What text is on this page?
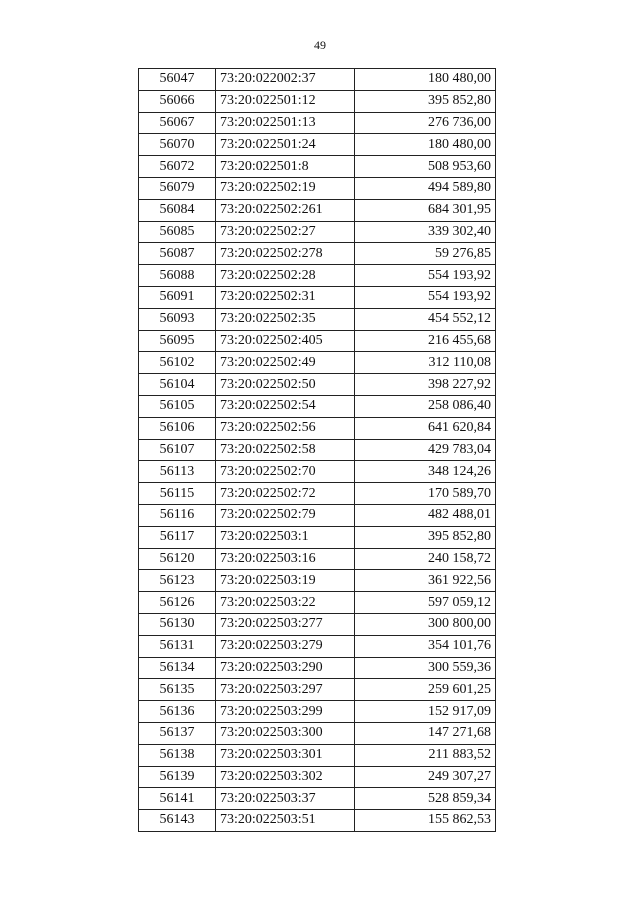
49
56047	73:20:022002:37	180 480,00
56066	73:20:022501:12	395 852,80
56067	73:20:022501:13	276 736,00
56070	73:20:022501:24	180 480,00
56072	73:20:022501:8	508 953,60
56079	73:20:022502:19	494 589,80
56084	73:20:022502:261	684 301,95
56085	73:20:022502:27	339 302,40
56087	73:20:022502:278	59 276,85
56088	73:20:022502:28	554 193,92
56091	73:20:022502:31	554 193,92
56093	73:20:022502:35	454 552,12
56095	73:20:022502:405	216 455,68
56102	73:20:022502:49	312 110,08
56104	73:20:022502:50	398 227,92
56105	73:20:022502:54	258 086,40
56106	73:20:022502:56	641 620,84
56107	73:20:022502:58	429 783,04
56113	73:20:022502:70	348 124,26
56115	73:20:022502:72	170 589,70
56116	73:20:022502:79	482 488,01
56117	73:20:022503:1	395 852,80
56120	73:20:022503:16	240 158,72
56123	73:20:022503:19	361 922,56
56126	73:20:022503:22	597 059,12
56130	73:20:022503:277	300 800,00
56131	73:20:022503:279	354 101,76
56134	73:20:022503:290	300 559,36
56135	73:20:022503:297	259 601,25
56136	73:20:022503:299	152 917,09
56137	73:20:022503:300	147 271,68
56138	73:20:022503:301	211 883,52
56139	73:20:022503:302	249 307,27
56141	73:20:022503:37	528 859,34
56143	73:20:022503:51	155 862,53
